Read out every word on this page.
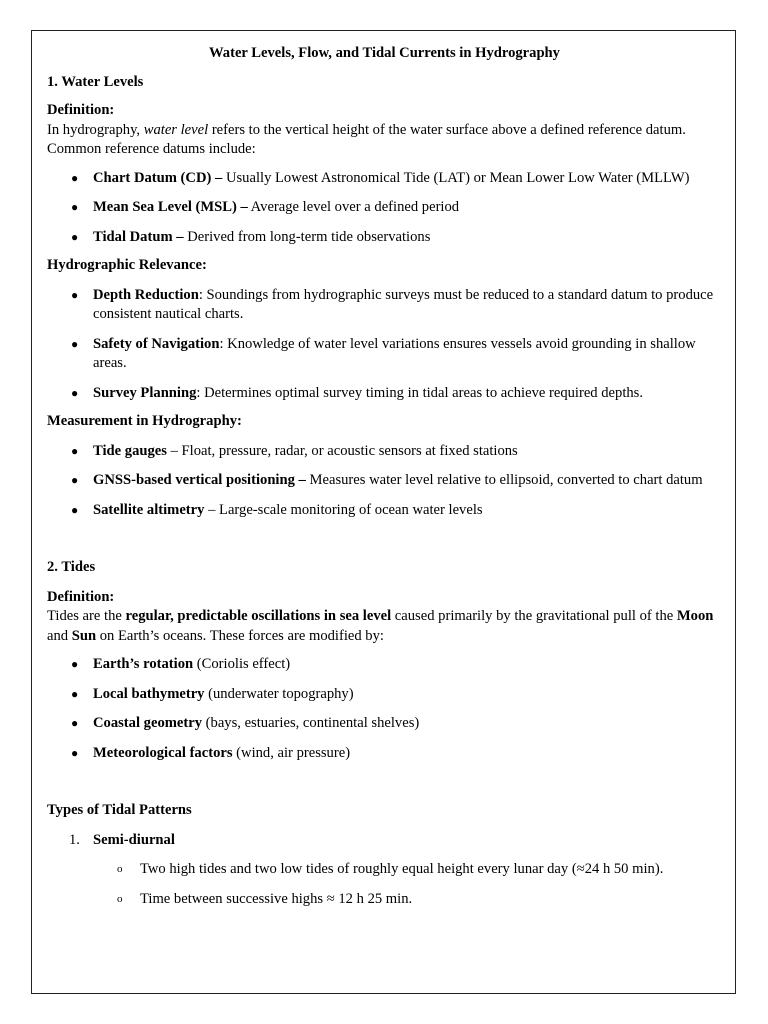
Water Levels, Flow, and Tidal Currents in Hydrography
1. Water Levels
Definition:
In hydrography, water level refers to the vertical height of the water surface above a defined reference datum.
Common reference datums include:
● Chart Datum (CD) – Usually Lowest Astronomical Tide (LAT) or Mean Lower Low Water (MLLW)
● Mean Sea Level (MSL) – Average level over a defined period
● Tidal Datum – Derived from long-term tide observations
Hydrographic Relevance:
● Depth Reduction: Soundings from hydrographic surveys must be reduced to a standard datum to produce consistent nautical charts.
● Safety of Navigation: Knowledge of water level variations ensures vessels avoid grounding in shallow areas.
● Survey Planning: Determines optimal survey timing in tidal areas to achieve required depths.
Measurement in Hydrography:
● Tide gauges – Float, pressure, radar, or acoustic sensors at fixed stations
● GNSS-based vertical positioning – Measures water level relative to ellipsoid, converted to chart datum
● Satellite altimetry – Large-scale monitoring of ocean water levels
2. Tides
Definition:
Tides are the regular, predictable oscillations in sea level caused primarily by the gravitational pull of the Moon and Sun on Earth’s oceans. These forces are modified by:
● Earth’s rotation (Coriolis effect)
● Local bathymetry (underwater topography)
● Coastal geometry (bays, estuaries, continental shelves)
● Meteorological factors (wind, air pressure)
Types of Tidal Patterns
1. Semi-diurnal
o Two high tides and two low tides of roughly equal height every lunar day (≈24 h 50 min).
o Time between successive highs ≈ 12 h 25 min.
